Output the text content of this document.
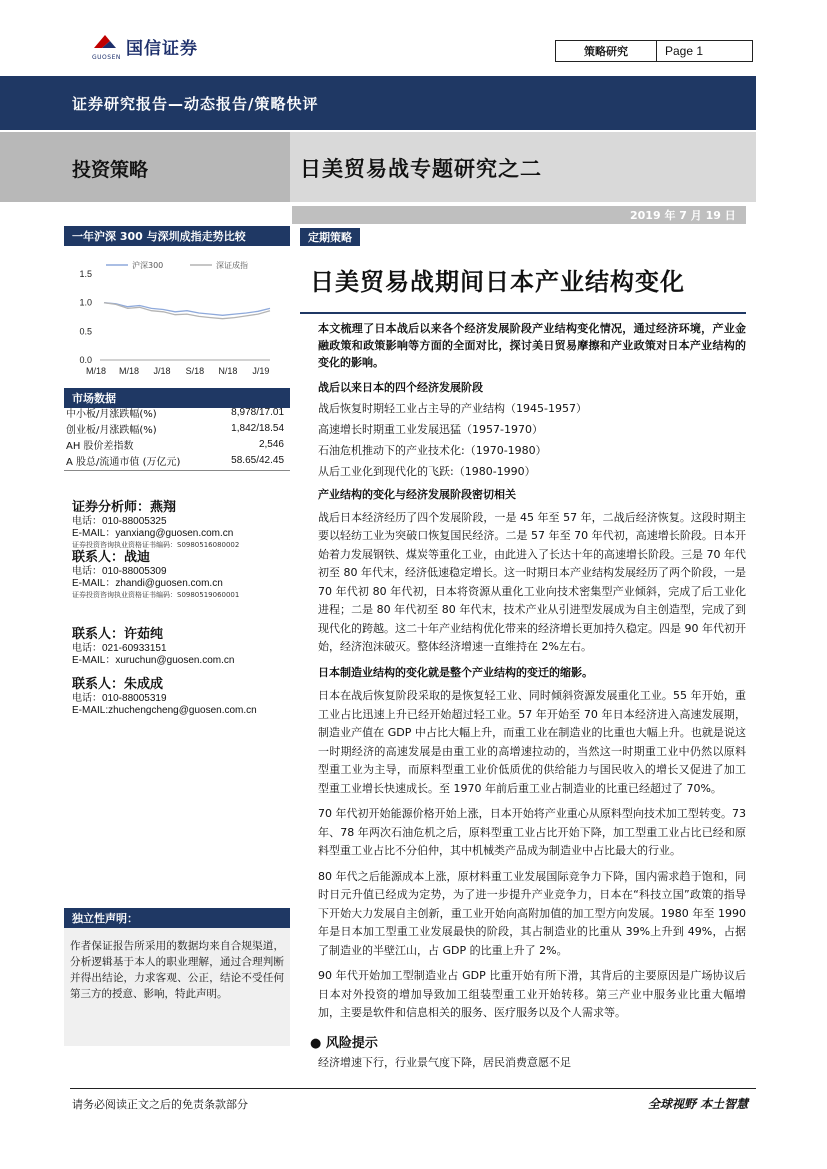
国信证券
GUOSEN	策略研究	Page 1
证券研究报告—动态报告/策略快评
投资策略	日美贸易战专题研究之二
2019 年 7 月 19 日
一年沪深 300 与深圳成指走势比较
1.5
1.0
0.5
0.0
M/18 M/18 J/18 S/18 N/18 J/19
沪深300	深证成指
市场数据
中小板/月涨跌幅(%)	8,978/17.01
创业板/月涨跌幅(%)	1,842/18.54
AH 股价差指数	2,546
A 股总/流通市值 (万亿元)	58.65/42.45
证券分析师：燕翔
电话：010-88005325
E-MAIL：yanxiang@guosen.com.cn
证券投资咨询执业资格证书编码：S0980516080002
联系人：战迪
电话：010-88005309
E-MAIL：zhandi@guosen.com.cn
证券投资咨询执业资格证书编码：S0980519060001
联系人：许茹纯
电话：021-60933151
E-MAIL：xuruchun@guosen.com.cn
联系人：朱成成
电话：010-88005319
E-MAIL:zhuchengcheng@guosen.com.cn
独立性声明：
作者保证报告所采用的数据均来自合规渠道，分析逻辑基于本人的职业理解，通过合理判断并得出结论，力求客观、公正，结论不受任何第三方的授意、影响，特此声明。
定期策略
日美贸易战期间日本产业结构变化
本文梳理了日本战后以来各个经济发展阶段产业结构变化情况，通过经济环境，产业金融政策和政策影响等方面的全面对比，探讨美日贸易摩擦和产业政策对日本产业结构的变化的影响。
战后以来日本的四个经济发展阶段
战后恢复时期轻工业占主导的产业结构（1945-1957）
高速增长时期重工业发展迅猛（1957-1970）
石油危机推动下的产业技术化:（1970-1980）
从后工业化到现代化的飞跃:（1980-1990）
产业结构的变化与经济发展阶段密切相关

战后日本经济经历了四个发展阶段，一是 45 年至 57 年，二战后经济恢复。这段时期主要以轻纺工业为突破口恢复国民经济。二是 57 年至 70 年代初，高速增长阶段。日本开始着力发展钢铁、煤炭等重化工业，由此进入了长达十年的高速增长阶段。三是 70 年代初至 80 年代末，经济低速稳定增长。这一时期日本产业结构发展经历了两个阶段，一是 70 年代初 80 年代初，日本将资源从重化工业向技术密集型产业倾斜，完成了后工业化进程；二是 80 年代初至 80 年代末，技术产业从引进型发展成为自主创造型，完成了到现代化的跨越。这二十年产业结构优化带来的经济增长更加持久稳定。四是 90 年代初开始，经济泡沫破灭。整体经济增速一直维持在 2%左右。

日本制造业结构的变化就是整个产业结构的变迁的缩影。

日本在战后恢复阶段采取的是恢复轻工业、同时倾斜资源发展重化工业。55 年开始，重工业占比迅速上升已经开始超过轻工业。57 年开始至 70 年日本经济进入高速发展期，制造业产值在 GDP 中占比大幅上升，而重工业在制造业的比重也大幅上升。也就是说这一时期经济的高速发展是由重工业的高增速拉动的，当然这一时期重工业中仍然以原料型重工业为主导，而原料型重工业价低质优的供给能力与国民收入的增长又促进了加工型重工业增长快速成长。至 1970 年前后重工业占制造业的比重已经超过了 70%。

70 年代初开始能源价格开始上涨，日本开始将产业重心从原料型向技术加工型转变。73 年、78 年两次石油危机之后，原料型重工业占比开始下降，加工型重工业占比已经和原料型重工业占比不分伯仲，其中机械类产品成为制造业中占比最大的行业。

80 年代之后能源成本上涨，原材料重工业发展国际竞争力下降，国内需求趋于饱和，同时日元升值已经成为定势，为了进一步提升产业竞争力，日本在“科技立国”政策的指导下开始大力发展自主创新，重工业开始向高附加值的加工型方向发展。1980 年至 1990 年是日本加工型重工业发展最快的阶段，其占制造业的比重从 39%上升到 49%，占据了制造业的半壁江山，占 GDP 的比重上升了 2%。

90 年代开始加工型制造业占 GDP 比重开始有所下滑，其背后的主要原因是广场协议后日本对外投资的增加导致加工组装型重工业开始转移。第三产业中服务业比重大幅增加，主要是软件和信息相关的服务、医疗服务以及个人需求等。

● 风险提示
经济增速下行，行业景气度下降，居民消费意愿不足
请务必阅读正文之后的免责条款部分	全球视野 本土智慧
